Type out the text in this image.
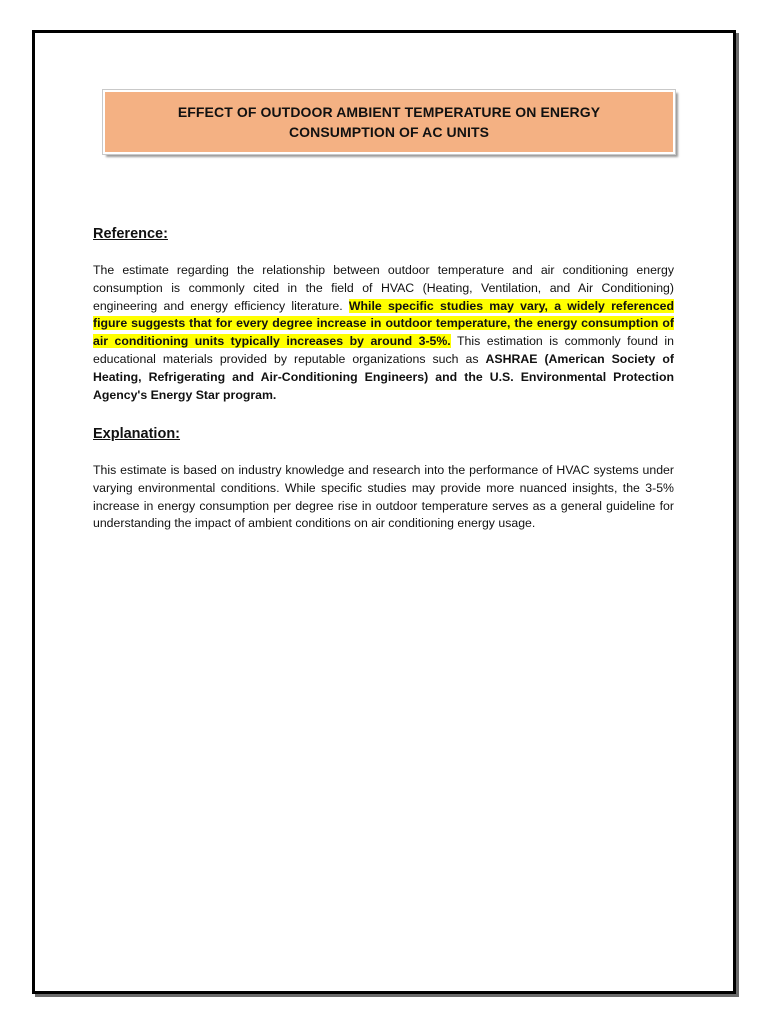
EFFECT OF OUTDOOR AMBIENT TEMPERATURE ON ENERGY
CONSUMPTION OF AC UNITS
Reference:
The estimate regarding the relationship between outdoor temperature and air conditioning energy consumption is commonly cited in the field of HVAC (Heating, Ventilation, and Air Conditioning) engineering and energy efficiency literature. While specific studies may vary, a widely referenced figure suggests that for every degree increase in outdoor temperature, the energy consumption of air conditioning units typically increases by around 3-5%. This estimation is commonly found in educational materials provided by reputable organizations such as ASHRAE (American Society of Heating, Refrigerating and Air-Conditioning Engineers) and the U.S. Environmental Protection Agency's Energy Star program.
Explanation:
This estimate is based on industry knowledge and research into the performance of HVAC systems under varying environmental conditions. While specific studies may provide more nuanced insights, the 3-5% increase in energy consumption per degree rise in outdoor temperature serves as a general guideline for understanding the impact of ambient conditions on air conditioning energy usage.
